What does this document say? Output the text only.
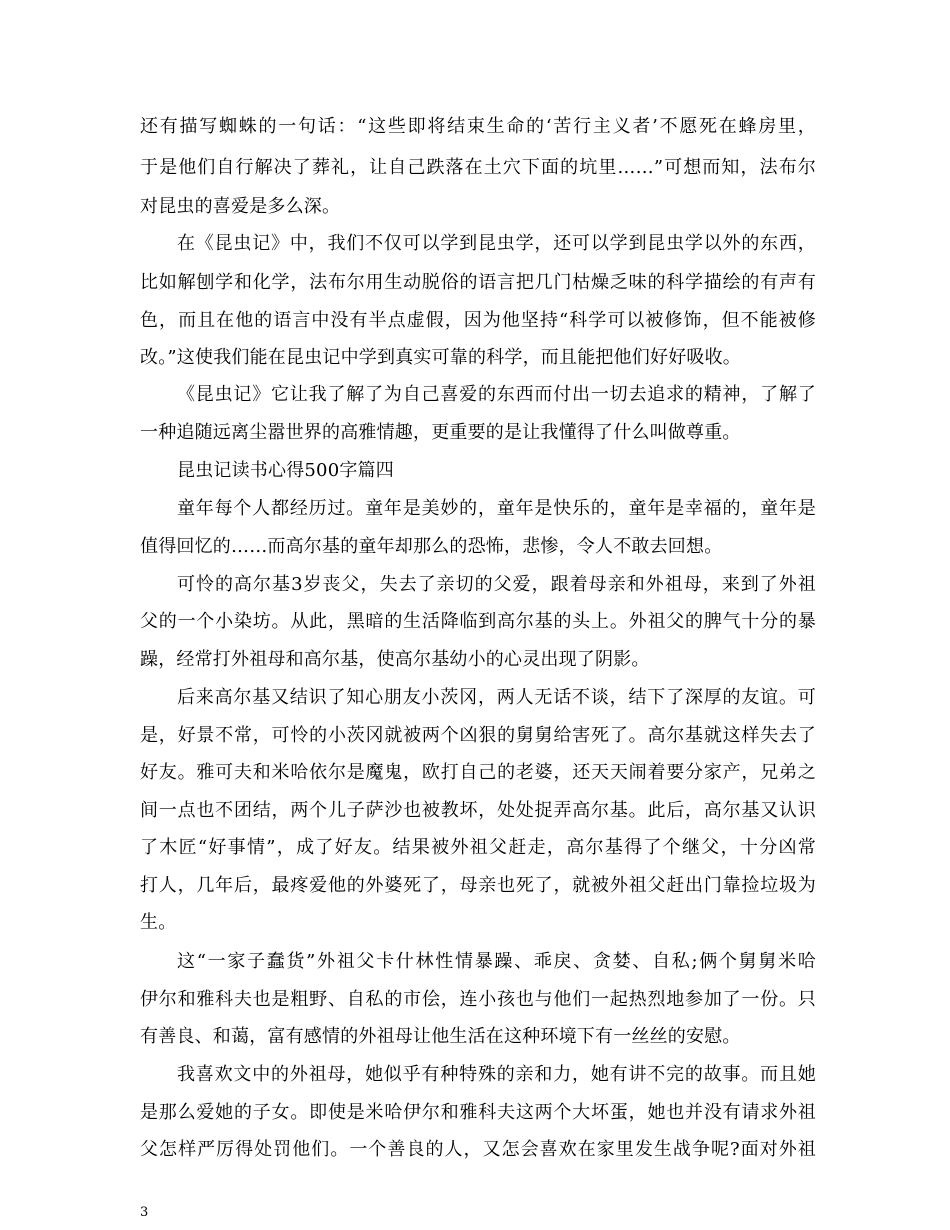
还有描写蜘蛛的一句话：“这些即将结束生命的‘苦行主义者’不愿死在蜂房里，
于是他们自行解决了葬礼，让自己跌落在土穴下面的坑里……”可想而知，法布尔
对昆虫的喜爱是多么深。
在《昆虫记》中，我们不仅可以学到昆虫学，还可以学到昆虫学以外的东西，
比如解刨学和化学，法布尔用生动脱俗的语言把几门枯燥乏味的科学描绘的有声有
色，而且在他的语言中没有半点虚假，因为他坚持“科学可以被修饰，但不能被修
改。”这使我们能在昆虫记中学到真实可靠的科学，而且能把他们好好吸收。
《昆虫记》它让我了解了为自己喜爱的东西而付出一切去追求的精神，了解了
一种追随远离尘嚣世界的高雅情趣，更重要的是让我懂得了什么叫做尊重。
昆虫记读书心得500字篇四
童年每个人都经历过。童年是美妙的，童年是快乐的，童年是幸福的，童年是
值得回忆的……而高尔基的童年却那么的恐怖，悲惨，令人不敢去回想。
可怜的高尔基3岁丧父，失去了亲切的父爱，跟着母亲和外祖母，来到了外祖
父的一个小染坊。从此，黑暗的生活降临到高尔基的头上。外祖父的脾气十分的暴
躁，经常打外祖母和高尔基，使高尔基幼小的心灵出现了阴影。
后来高尔基又结识了知心朋友小茨冈，两人无话不谈，结下了深厚的友谊。可
是，好景不常，可怜的小茨冈就被两个凶狠的舅舅给害死了。高尔基就这样失去了
好友。雅可夫和米哈依尔是魔鬼，欧打自己的老婆，还天天闹着要分家产，兄弟之
间一点也不团结，两个儿子萨沙也被教坏，处处捉弄高尔基。此后，高尔基又认识
了木匠“好事情”，成了好友。结果被外祖父赶走，高尔基得了个继父，十分凶常
打人，几年后，最疼爱他的外婆死了，母亲也死了，就被外祖父赶出门靠捡垃圾为
生。
这“一家子蠢货”外祖父卡什林性情暴躁、乖戾、贪婪、自私;俩个舅舅米哈
伊尔和雅科夫也是粗野、自私的市侩，连小孩也与他们一起热烈地参加了一份。只
有善良、和蔼，富有感情的外祖母让他生活在这种环境下有一丝丝的安慰。
我喜欢文中的外祖母，她似乎有种特殊的亲和力，她有讲不完的故事。而且她
是那么爱她的子女。即使是米哈伊尔和雅科夫这两个大坏蛋，她也并没有请求外祖
父怎样严厉得处罚他们。一个善良的人，又怎会喜欢在家里发生战争呢?面对外祖
3
